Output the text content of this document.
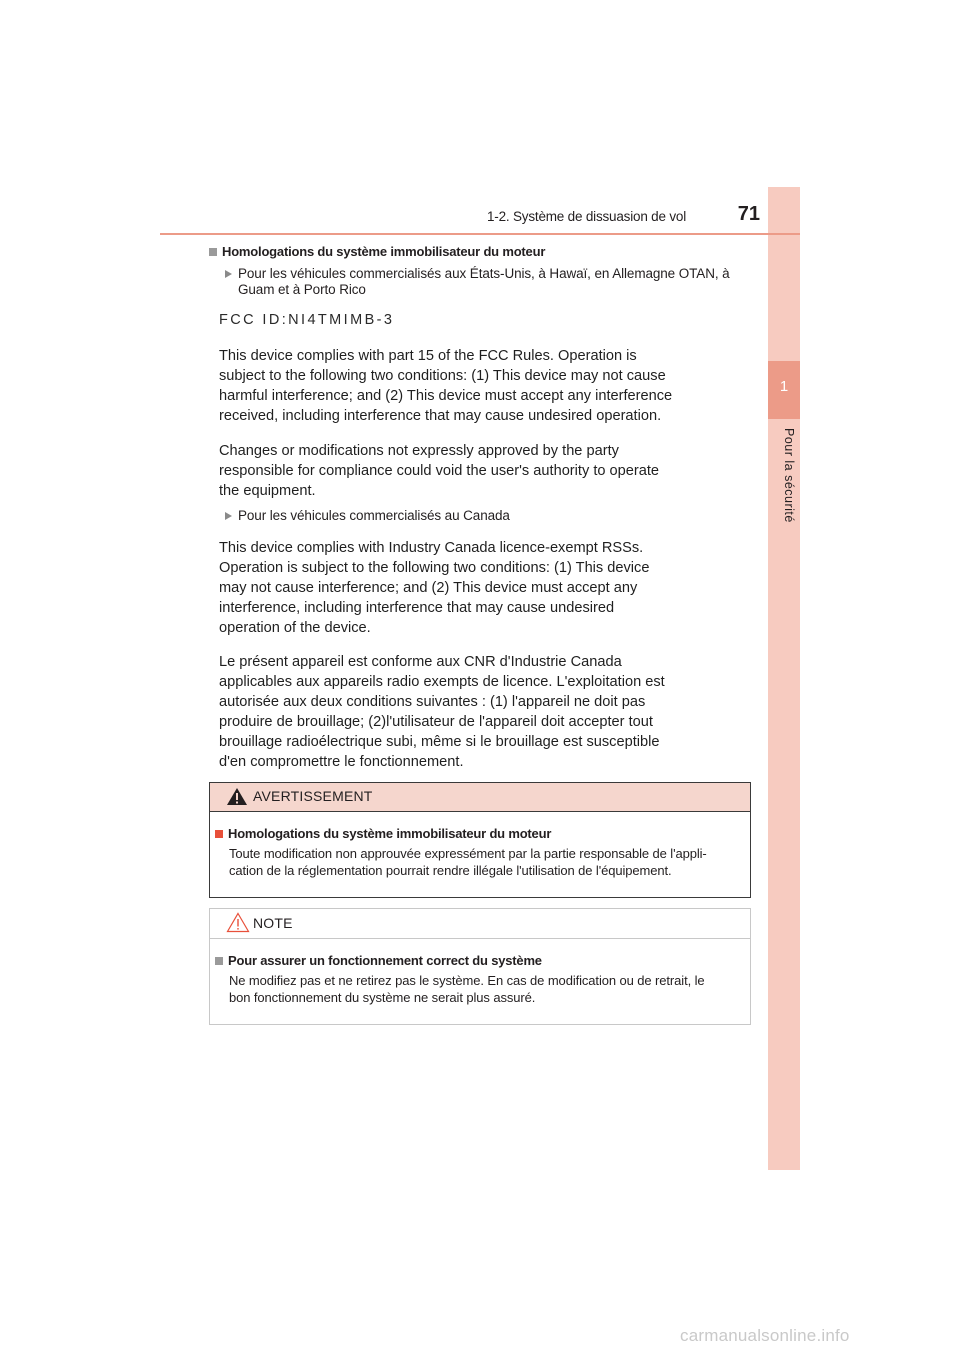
1
Pour la sécurité
1-2. Système de dissuasion de vol	71
Homologations du système immobilisateur du moteur
Pour les véhicules commercialisés aux États-Unis, à Hawaï, en Allemagne OTAN, à
Guam et à Porto Rico
FCC ID:NI4TMIMB-3
This device complies with part 15 of the FCC Rules. Operation is
subject to the following two conditions: (1) This device may not cause
harmful interference; and (2) This device must accept any interference
received, including interference that may cause undesired operation.
Changes or modifications not expressly approved by the party
responsible for compliance could void the user's authority to operate
the equipment.
Pour les véhicules commercialisés au Canada
This device complies with Industry Canada licence-exempt RSSs.
Operation is subject to the following two conditions: (1) This device
may not cause interference; and (2) This device must accept any
interference, including interference that may cause undesired
operation of the device.
Le présent appareil est conforme aux CNR d'Industrie Canada
applicables aux appareils radio exempts de licence. L'exploitation est
autorisée aux deux conditions suivantes : (1) l'appareil ne doit pas
produire de brouillage; (2)l'utilisateur de l'appareil doit accepter tout
brouillage radioélectrique subi, même si le brouillage est susceptible
d'en compromettre le fonctionnement.
AVERTISSEMENT
Homologations du système immobilisateur du moteur
Toute modification non approuvée expressément par la partie responsable de l'appli-
cation de la réglementation pourrait rendre illégale l'utilisation de l'équipement.
NOTE
Pour assurer un fonctionnement correct du système
Ne modifiez pas et ne retirez pas le système. En cas de modification ou de retrait, le
bon fonctionnement du système ne serait plus assuré.
carmanualsonline.info
